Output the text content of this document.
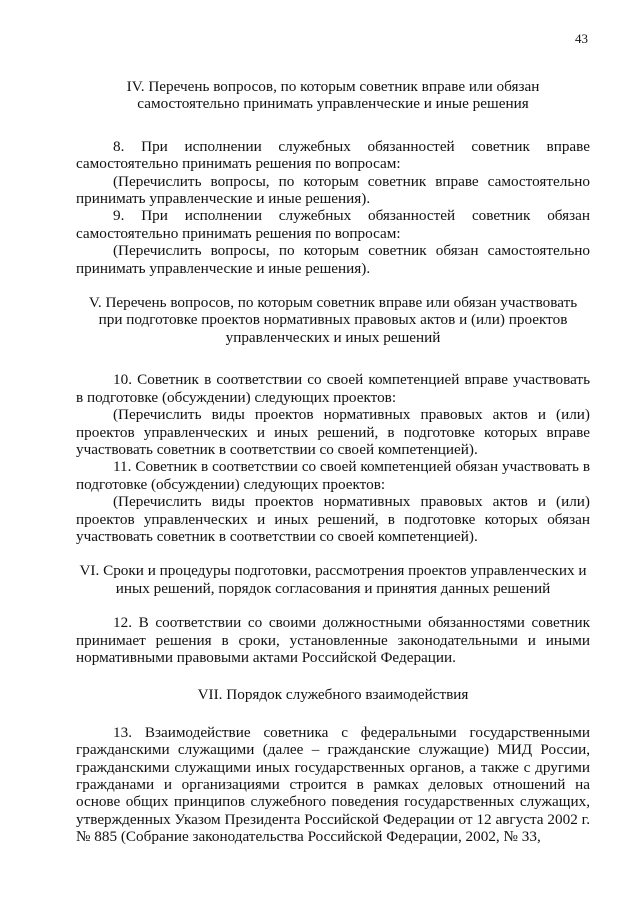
43
IV. Перечень вопросов, по которым советник вправе или обязан самостоятельно принимать управленческие и иные решения

8. При исполнении служебных обязанностей советник вправе самостоятельно принимать решения по вопросам:

(Перечислить вопросы, по которым советник вправе самостоятельно принимать управленческие и иные решения).

9. При исполнении служебных обязанностей советник обязан самостоятельно принимать решения по вопросам:

(Перечислить вопросы, по которым советник обязан самостоятельно принимать управленческие и иные решения).

V. Перечень вопросов, по которым советник вправе или обязан участвовать при подготовке проектов нормативных правовых актов и (или) проектов управленческих и иных решений

10. Советник в соответствии со своей компетенцией вправе участвовать в подготовке (обсуждении) следующих проектов:

(Перечислить виды проектов нормативных правовых актов и (или) проектов управленческих и иных решений, в подготовке которых вправе участвовать советник в соответствии со своей компетенцией).

11. Советник в соответствии со своей компетенцией обязан участвовать в подготовке (обсуждении) следующих проектов:

(Перечислить виды проектов нормативных правовых актов и (или) проектов управленческих и иных решений, в подготовке которых обязан участвовать советник в соответствии со своей компетенцией).

VI. Сроки и процедуры подготовки, рассмотрения проектов управленческих и иных решений, порядок согласования и принятия данных решений

12. В соответствии со своими должностными обязанностями советник принимает решения в сроки, установленные законодательными и иными нормативными правовыми актами Российской Федерации.

VII. Порядок служебного взаимодействия

13. Взаимодействие советника с федеральными государственными гражданскими служащими (далее – гражданские служащие) МИД России, гражданскими служащими иных государственных органов, а также с другими гражданами и организациями строится в рамках деловых отношений на основе общих принципов служебного поведения государственных служащих, утвержденных Указом Президента Российской Федерации от 12 августа 2002 г. № 885 (Собрание законодательства Российской Федерации, 2002, № 33,
